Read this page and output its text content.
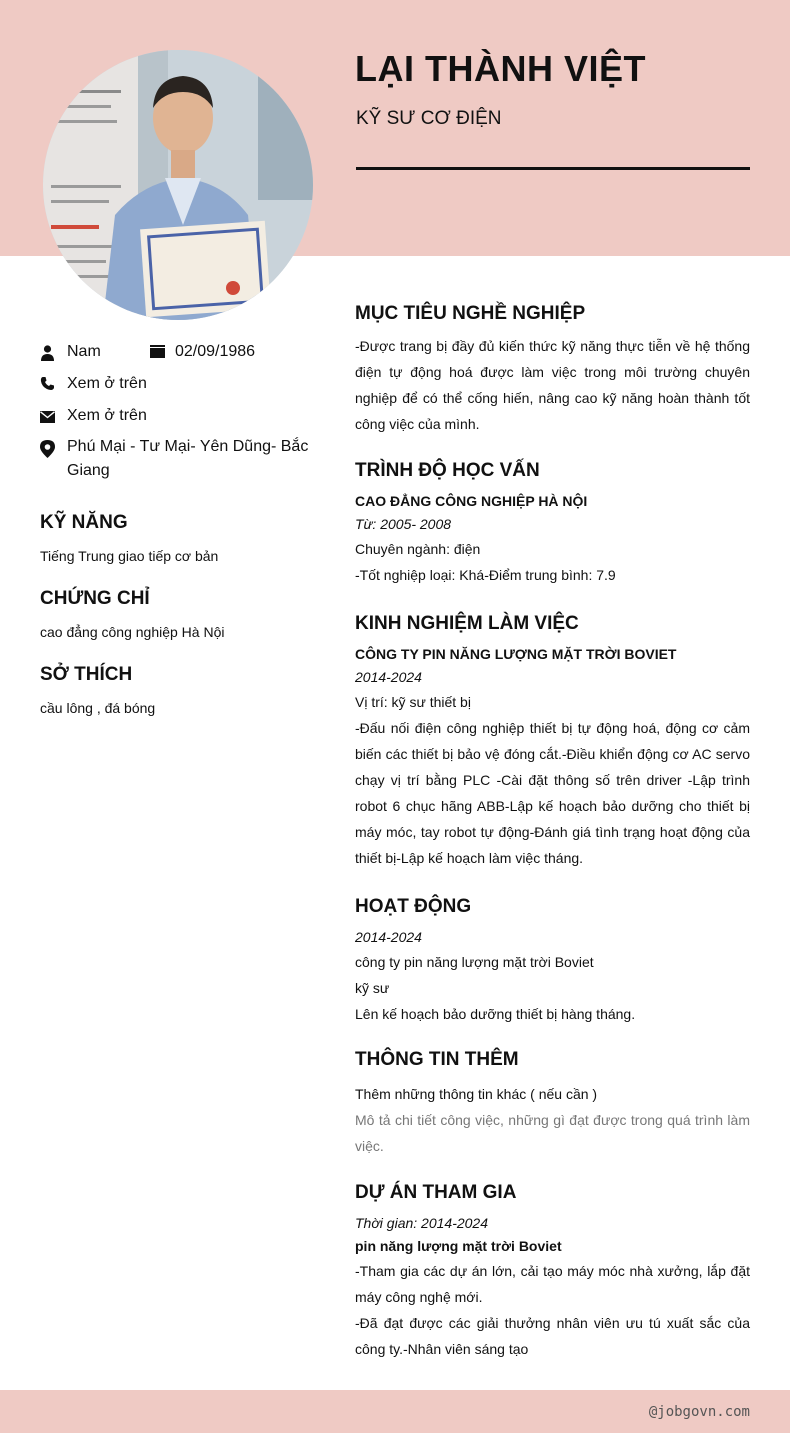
LẠI THÀNH VIỆT
KỸ SƯ CƠ ĐIỆN
Nam	02/09/1986
Xem ở trên
Xem ở trên
Phú Mại - Tư Mại- Yên Dũng- Bắc
Giang
KỸ NĂNG
Tiếng Trung giao tiếp cơ bản
CHỨNG CHỈ
cao đẳng công nghiệp Hà Nội
SỞ THÍCH
cầu lông , đá bóng
MỤC TIÊU NGHỀ NGHIỆP
-Được trang bị đầy đủ kiến thức kỹ năng thực tiễn về hệ thống điện tự động hoá được làm việc trong môi trường chuyên nghiệp để có thể cống hiến, nâng cao kỹ năng hoàn thành tốt công việc của mình.
TRÌNH ĐỘ HỌC VẤN
CAO ĐẲNG CÔNG NGHIỆP HÀ NỘI
Từ: 2005- 2008
Chuyên ngành: điện
-Tốt nghiệp loại: Khá-Điểm trung bình: 7.9
KINH NGHIỆM LÀM VIỆC
CÔNG TY PIN NĂNG LƯỢNG MẶT TRỜI BOVIET
2014-2024
Vị trí: kỹ sư thiết bị
-Đấu nối điện công nghiệp thiết bị tự động hoá, động cơ cảm biến các thiết bị bảo vệ đóng cắt.-Điều khiển động cơ AC servo chạy vị trí bằng PLC -Cài đặt thông số trên driver -Lập trình robot 6 chục hãng ABB-Lập kế hoạch bảo dưỡng cho thiết bị máy móc, tay robot tự động-Đánh giá tình trạng hoạt động của thiết bị-Lập kế hoạch làm việc tháng.
HOẠT ĐỘNG
2014-2024
công ty pin năng lượng mặt trời Boviet
kỹ sư
Lên kế hoạch bảo dưỡng thiết bị hàng tháng.
THÔNG TIN THÊM
Thêm những thông tin khác ( nếu cần )
Mô tả chi tiết công việc, những gì đạt được trong quá trình làm việc.
DỰ ÁN THAM GIA
Thời gian: 2014-2024
pin năng lượng mặt trời Boviet
-Tham gia các dự án lớn, cải tạo máy móc nhà xưởng, lắp đặt máy công nghệ mới.
-Đã đạt được các giải thưởng nhân viên ưu tú xuất sắc của công ty.-Nhân viên sáng tạo
@jobgovn.com
